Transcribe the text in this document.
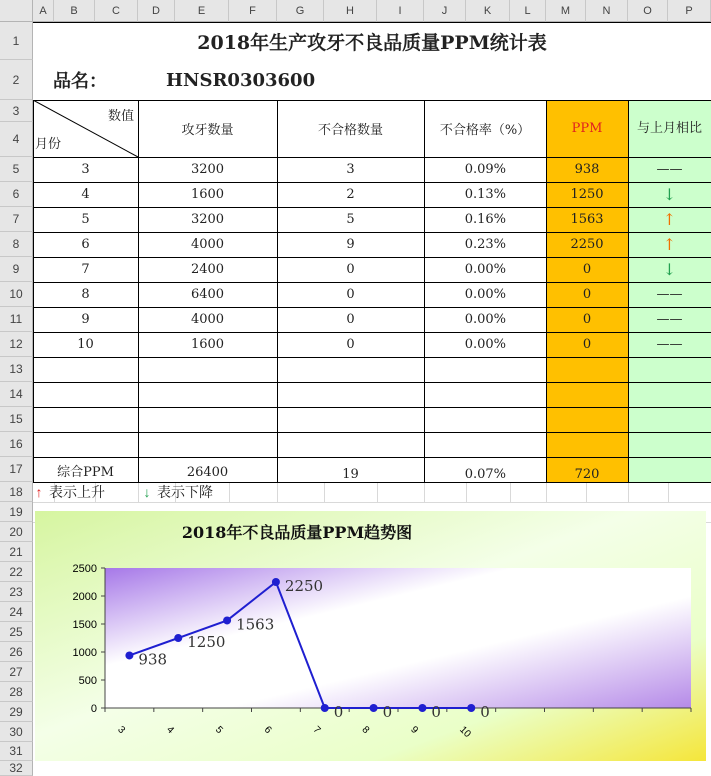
A	B	C	D	E	F	G	H	I	J	K	L	M	N	O	P
1
2
3
4
5
6
7
8
9
10
11
12
13
14
15
16
17
18
19
20
21
22
23
24
25
26
27
28
29
30
31
32
2018年生产攻牙不良品质量PPM统计表
品名：	HNSR0303600
数值
月份
攻牙数量	不合格数量	不合格率（%）	PPM	与上月相比
3	3200	3	0.09%	938	——
4	1600	2	0.13%	1250	↓
5	3200	5	0.16%	1563	↑
6	4000	9	0.23%	2250	↑
7	2400	0	0.00%	0	↓
8	6400	0	0.00%	0	——
9	4000	0	0.00%	0	——
10	1600	0	0.00%	0	——
综合PPM	26400	19	0.07%	720
↑ 表示上升	↓ 表示下降
2018年不良品质量PPM趋势图
0
500
1000
1500
2000
2500
3	4	5	6	7	8	9	10
938
1250
1563
2250
0	0	0	0
